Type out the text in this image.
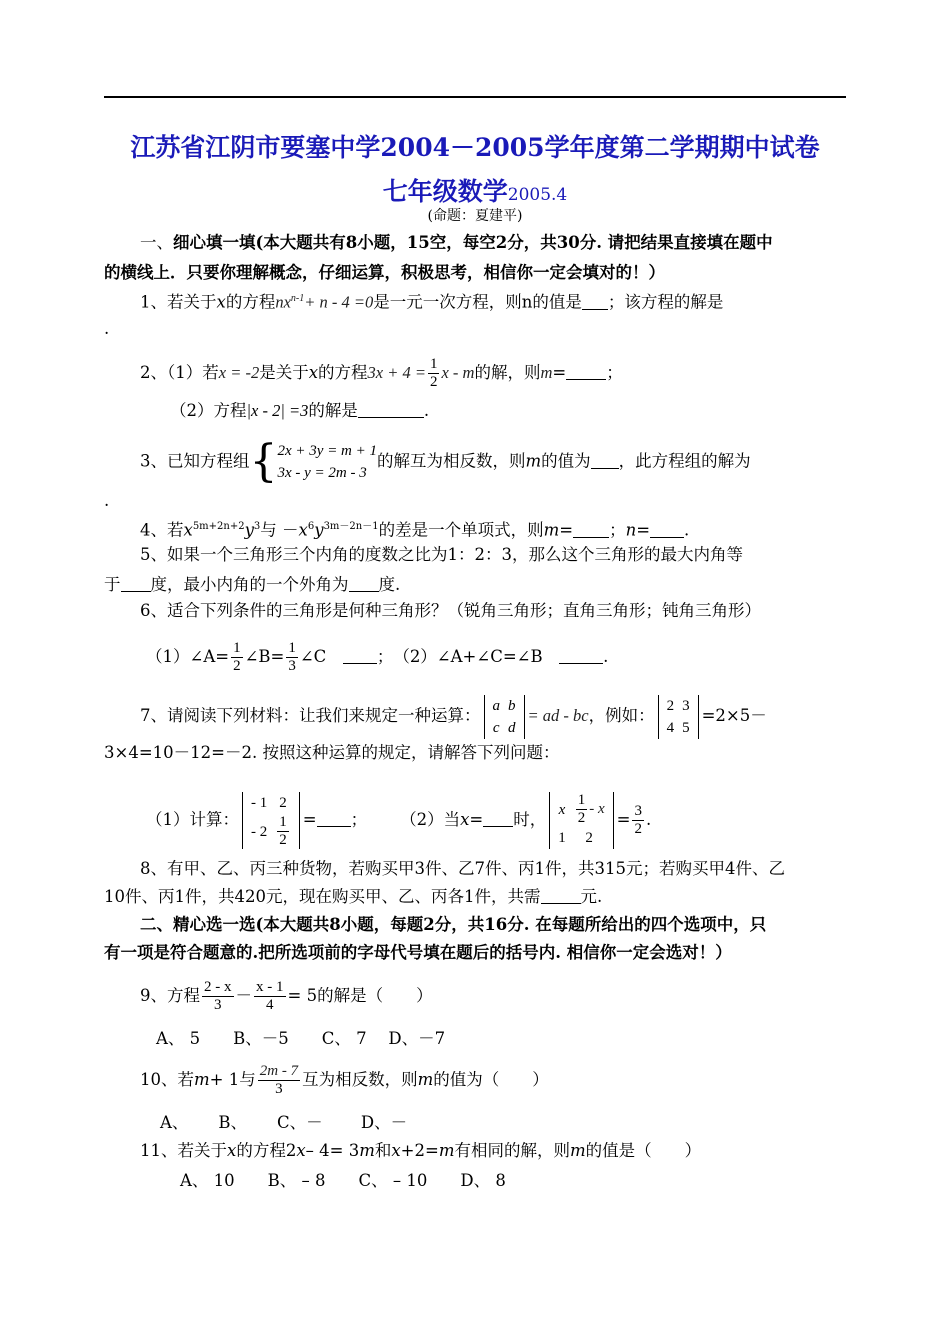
江苏省江阴市要塞中学2004－2005学年度第二学期期中试卷
七年级数学2005.4
(命题：夏建平)
一、细心填一填(本大题共有8小题，15空，每空2分，共30分. 请把结果直接填在题中
的横线上．只要你理解概念，仔细运算，积极思考，相信你一定会填对的！）
1、若关于x的方程$nx^{n-1}+ n - 4 =0$是一元一次方程，则n的值是 ；该方程的解是
.
2、（1）若x = -2是关于x的方程$3x + 4 = \frac{1}{2}$ x - m的解，则m= ；
（2）方程|x - 2| =3的解是	.
3、已知方程组{ 2x + 3y = m + 1
3x - y = 2m - 3
的解互为相反数，则m的值为 ，此方程组的解为
.
4、若$x^{5m+2n+2}y^3$与 $-x^6y^{3m-2n-1}$的差是一个单项式，则m= ；n= .
5、如果一个三角形三个内角的度数之比为1：2：3，那么这个三角形的最大内角等
于 度，最小内角的一个外角为 度.
6、适合下列条件的三角形是何种三角形？（锐角三角形；直角三角形；钝角三角形）
（1）∠A= $\frac{1}{2}$ ∠B= $\frac{1}{3}$ ∠C　	；　 （2）∠A+∠C=∠B　	.
7、请阅读下列材料：让我们来规定一种运算：
a	b
c	d
= ad - bc，例如：
2	3
4	5
=2×5－
3×4=10－12=－2. 按照这种运算的规定，请解答下列问题：
（1）计算：
- 1	2
- 2	$\frac{1}{2}$ = ；　　　	（2）当x= 时，
x	$\frac{1}{2}$ - x
1	2
= $\frac{3}{2}$ .
8、有甲、乙、丙三种货物，若购买甲3件、乙7件、丙1件，共315元；若购买甲4件、乙
10件、丙1件，共420元，现在购买甲、乙、丙各1件，共需 元.
二、精心选一选(本大题共8小题，每题2分，共16分. 在每题所给出的四个选项中，只
有一项是符合题意的.把所选项前的字母代号填在题后的括号内. 相信你一定会选对！）
9、方程 $\frac{2 - x}{3} - \frac{x - 1}{4} = 5$的解是（　　）
A、 5　　B、－5　　C、 7　 D、－7
10、若m+ 1与 $\frac{2m - 7}{3}$ 互为相反数，则m的值为（　　）
A、　　 B、　　 C、－　　 D、－
11、若关于x的方程2x– 4= 3m和x+2=m有相同的解，则m的值是（　　）
A、 10　　B、 – 8　　C、 – 10　　D、 8
